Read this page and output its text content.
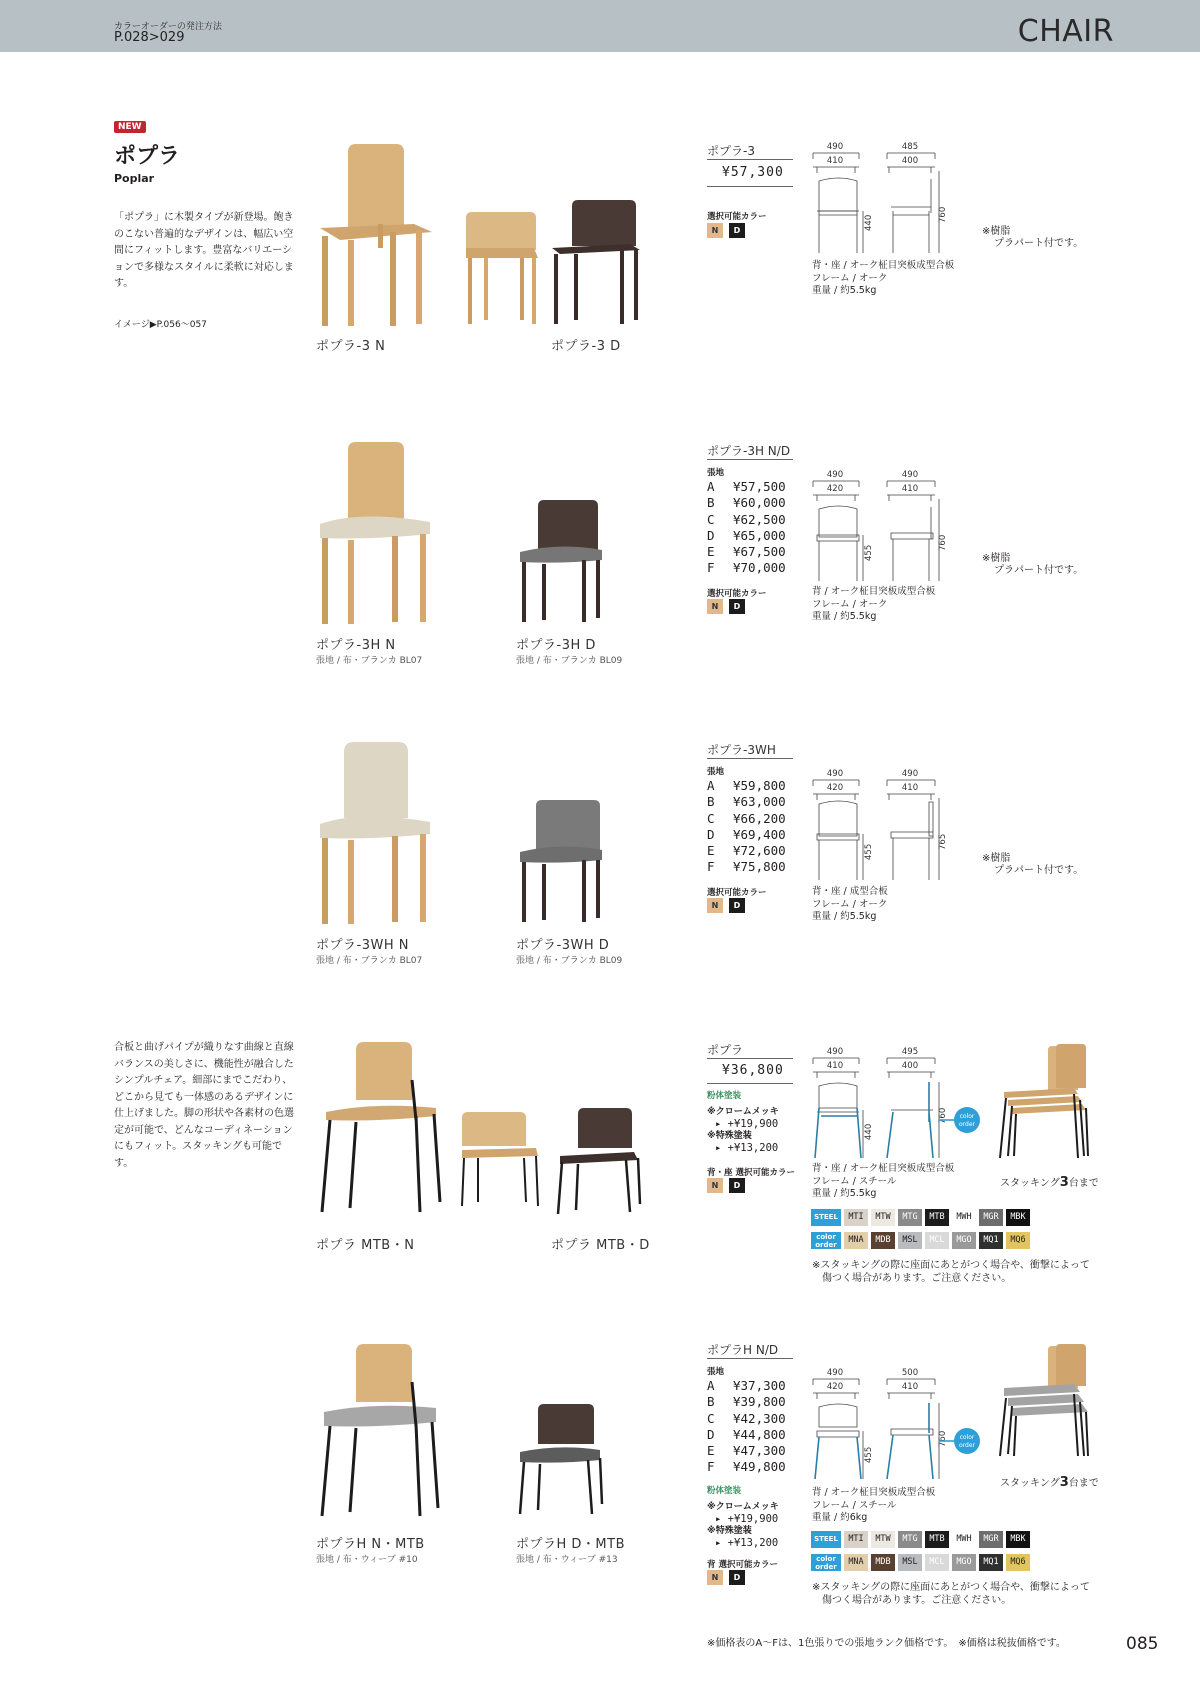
カラーオーダーの発注方法
P.028>029	CHAIR
NEW
ポプラ
Poplar
「ポプラ」に木製タイプが新登場。飽きのこない普遍的なデザインは、幅広い空間にフィットします。豊富なバリエーションで多様なスタイルに柔軟に対応します。
イメージ▶P.056～057
合板と曲げパイプが織りなす曲線と直線バランスの美しさに、機能性が融合したシンプルチェア。細部にまでこだわり、どこから見ても一体感のあるデザインに仕上げました。脚の形状や各素材の色選定が可能で、どんなコーディネーションにもフィット。スタッキングも可能です。
ポプラ-3 N	ポプラ-3 D
ポプラ-3
¥57,300
選択可能カラー
N	D
490
410
485
400
440	760
※樹脂
プラパート付です。
背・座 / オーク柾目突板成型合板
フレーム / オーク
重量 / 約5.5kg
ポプラ-3H N
張地 / 布・ブランカ BL07
ポプラ-3H D
張地 / 布・ブランカ BL09
ポプラ-3H N/D
張地
A	¥57,500
B	¥60,000
C	¥62,500
D	¥65,000
E	¥67,500
F	¥70,000
選択可能カラー
N	D
490
420
490
410
455
760
※樹脂
プラパート付です。
背 / オーク柾目突板成型合板
フレーム / オーク
重量 / 約5.5kg
ポプラ-3WH N
張地 / 布・ブランカ BL07
ポプラ-3WH D
張地 / 布・ブランカ BL09
ポプラ-3WH
張地
A	¥59,800
B	¥63,000
C	¥66,200
D	¥69,400
E	¥72,600
F	¥75,800
選択可能カラー
N	D
490
420
490
410
455
765
※樹脂
プラパート付です。
背・座 / 成型合板
フレーム / オーク
重量 / 約5.5kg
ポプラ MTB・N	ポプラ MTB・D
ポプラ
¥36,800
粉体塗装
※クロームメッキ
▸ +¥19,900
※特殊塗装
▸ +¥13,200
背・座 選択可能カラー
N	D
490
410
495
400
440
760 color
order
スタッキング3台まで
背・座 / オーク柾目突板成型合板
フレーム / スチール
重量 / 約5.5kg
STEEL	MTI	MTW	MTG	MTB	MWH	MGR	MBK
color order	MNA	MDB	MSL	MCL	MGO	MQ1	MQ6
※スタッキングの際に座面にあとがつく場合や、衝撃によって
傷つく場合があります。ご注意ください。
ポプラH N・MTB
張地 / 布・ウィーブ #10
ポプラH D・MTB
張地 / 布・ウィーブ #13
ポプラH N/D
張地
A	¥37,300
B	¥39,800
C	¥42,300
D	¥44,800
E	¥47,300
F	¥49,800
粉体塗装
※クロームメッキ
▸ +¥19,900
※特殊塗装
▸ +¥13,200
背 選択可能カラー
N	D
490
420
500
410
455
760 color
order
スタッキング3台まで
背 / オーク柾目突板成型合板
フレーム / スチール
重量 / 約6kg
STEEL	MTI	MTW	MTG	MTB	MWH	MGR	MBK
color order	MNA	MDB	MSL	MCL	MGO	MQ1	MQ6
※スタッキングの際に座面にあとがつく場合や、衝撃によって
傷つく場合があります。ご注意ください。
※価格表のA～Fは、1色張りでの張地ランク価格です。　※価格は税抜価格です。	085
